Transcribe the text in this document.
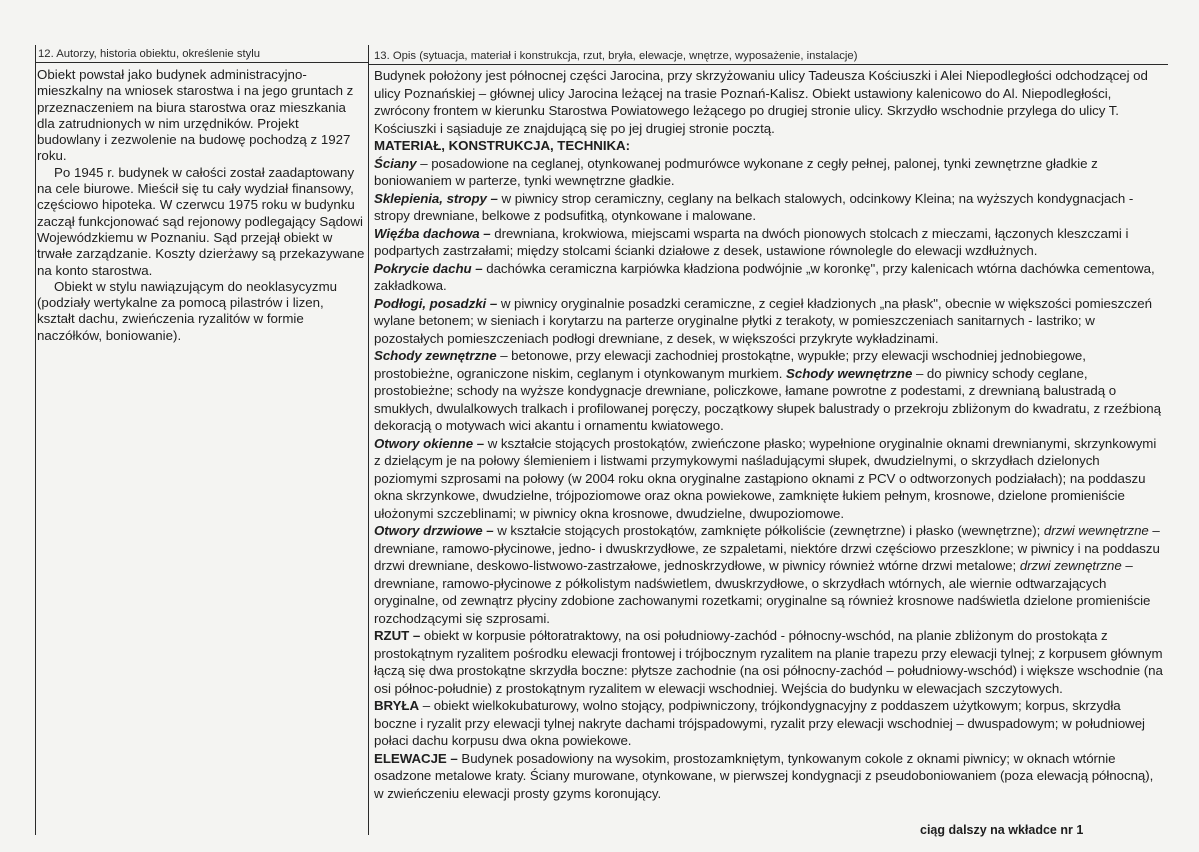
12. Autorzy, historia obiektu, określenie stylu	13. Opis (sytuacja, materiał i konstrukcja, rzut, bryła, elewacje, wnętrze, wyposażenie, instalacje)

Obiekt powstał jako budynek administracyjno-mieszkalny na wniosek starostwa i na jego gruntach z przeznaczeniem na biura starostwa oraz mieszkania dla zatrudnionych w nim urzędników. Projekt budowlany i zezwolenie na budowę pochodzą z 1927 roku.

Po 1945 r. budynek w całości został zaadaptowany na cele biurowe. Mieścił się tu cały wydział finansowy, częściowo hipoteka. W czerwcu 1975 roku w budynku zaczął funkcjonować sąd rejonowy podlegający Sądowi Wojewódzkiemu w Poznaniu. Sąd przejął obiekt w trwałe zarządzanie. Koszty dzierżawy są przekazywane na konto starostwa.

Obiekt w stylu nawiązującym do neoklasycyzmu (podziały wertykalne za pomocą pilastrów i lizen, kształt dachu, zwieńczenia ryzalitów w formie naczółków, boniowanie).

Budynek położony jest północnej części Jarocina, przy skrzyżowaniu ulicy Tadeusza Kościuszki i Alei Niepodległości odchodzącej od ulicy Poznańskiej – głównej ulicy Jarocina leżącej na trasie Poznań-Kalisz. Obiekt ustawiony kalenicowo do Al. Niepodległości, zwrócony frontem w kierunku Starostwa Powiatowego leżącego po drugiej stronie ulicy. Skrzydło wschodnie przylega do ulicy T. Kościuszki i sąsiaduje ze znajdującą się po jej drugiej stronie pocztą.

MATERIAŁ, KONSTRUKCJA, TECHNIKA:

Ściany – posadowione na ceglanej, otynkowanej podmurówce wykonane z cegły pełnej, palonej, tynki zewnętrzne gładkie z boniowaniem w parterze, tynki wewnętrzne gładkie.

Sklepienia, stropy – w piwnicy strop ceramiczny, ceglany na belkach stalowych, odcinkowy Kleina; na wyższych kondygnacjach - stropy drewniane, belkowe z podsufitką, otynkowane i malowane.

Więźba dachowa – drewniana, krokwiowa, miejscami wsparta na dwóch pionowych stolcach z mieczami, łączonych kleszczami i podpartych zastrzałami; między stolcami ścianki działowe z desek, ustawione równolegle do elewacji wzdłużnych.

Pokrycie dachu – dachówka ceramiczna karpiówka kładziona podwójnie „w koronkę", przy kalenicach wtórna dachówka cementowa, zakładkowa.

Podłogi, posadzki – w piwnicy oryginalnie posadzki ceramiczne, z cegieł kładzionych „na płask", obecnie w większości pomieszczeń wylane betonem; w sieniach i korytarzu na parterze oryginalne płytki z terakoty, w pomieszczeniach sanitarnych - lastriko; w pozostałych pomieszczeniach podłogi drewniane, z desek, w większości przykryte wykładzinami.

Schody zewnętrzne – betonowe, przy elewacji zachodniej prostokątne, wypukłe; przy elewacji wschodniej jednobiegowe, prostobieżne, ograniczone niskim, ceglanym i otynkowanym murkiem. Schody wewnętrzne – do piwnicy schody ceglane, prostobieżne; schody na wyższe kondygnacje drewniane, policzkowe, łamane powrotne z podestami, z drewnianą balustradą o smukłych, dwulalkowych tralkach i profilowanej poręczy, początkowy słupek balustrady o przekroju zbliżonym do kwadratu, z rzeźbioną dekoracją o motywach wici akantu i ornamentu kwiatowego.

Otwory okienne – w kształcie stojących prostokątów, zwieńczone płasko; wypełnione oryginalnie oknami drewnianymi, skrzynkowymi z dzielącym je na połowy ślemieniem i listwami przymykowymi naśladującymi słupek, dwudzielnymi, o skrzydłach dzielonych poziomymi szprosami na połowy (w 2004 roku okna oryginalne zastąpiono oknami z PCV o odtworzonych podziałach); na poddaszu okna skrzynkowe, dwudzielne, trójpoziomowe oraz okna powiekowe, zamknięte łukiem pełnym, krosnowe, dzielone promieniście ułożonymi szczeblinami; w piwnicy okna krosnowe, dwudzielne, dwupoziomowe.

Otwory drzwiowe – w kształcie stojących prostokątów, zamknięte półkoliście (zewnętrzne) i płasko (wewnętrzne); drzwi wewnętrzne – drewniane, ramowo-płycinowe, jedno- i dwuskrzydłowe, ze szpaletami, niektóre drzwi częściowo przeszklone; w piwnicy i na poddaszu drzwi drewniane, deskowo-listwowo-zastrzałowe, jednoskrzydłowe, w piwnicy również wtórne drzwi metalowe; drzwi zewnętrzne – drewniane, ramowo-płycinowe z półkolistym nadświetlem, dwuskrzydłowe, o skrzydłach wtórnych, ale wiernie odtwarzających oryginalne, od zewnątrz płyciny zdobione zachowanymi rozetkami; oryginalne są również krosnowe nadświetla dzielone promieniście rozchodzącymi się szprosami.

RZUT – obiekt w korpusie półtoratraktowy, na osi południowy-zachód - północny-wschód, na planie zbliżonym do prostokąta z prostokątnym ryzalitem pośrodku elewacji frontowej i trójbocznym ryzalitem na planie trapezu przy elewacji tylnej; z korpusem głównym łączą się dwa prostokątne skrzydła boczne: płytsze zachodnie (na osi północny-zachód – południowy-wschód) i większe wschodnie (na osi północ-południe) z prostokątnym ryzalitem w elewacji wschodniej. Wejścia do budynku w elewacjach szczytowych.

BRYŁA – obiekt wielkokubaturowy, wolno stojący, podpiwniczony, trójkondygnacyjny z poddaszem użytkowym; korpus, skrzydła boczne i ryzalit przy elewacji tylnej nakryte dachami trójspadowymi, ryzalit przy elewacji wschodniej – dwuspadowym; w południowej połaci dachu korpusu dwa okna powiekowe.

ELEWACJE – Budynek posadowiony na wysokim, prostozamkniętym, tynkowanym cokole z oknami piwnicy; w oknach wtórnie osadzone metalowe kraty. Ściany murowane, otynkowane, w pierwszej kondygnacji z pseudoboniowaniem (poza elewacją północną), w zwieńczeniu elewacji prosty gzyms koronujący.

ciąg dalszy na wkładce nr 1
